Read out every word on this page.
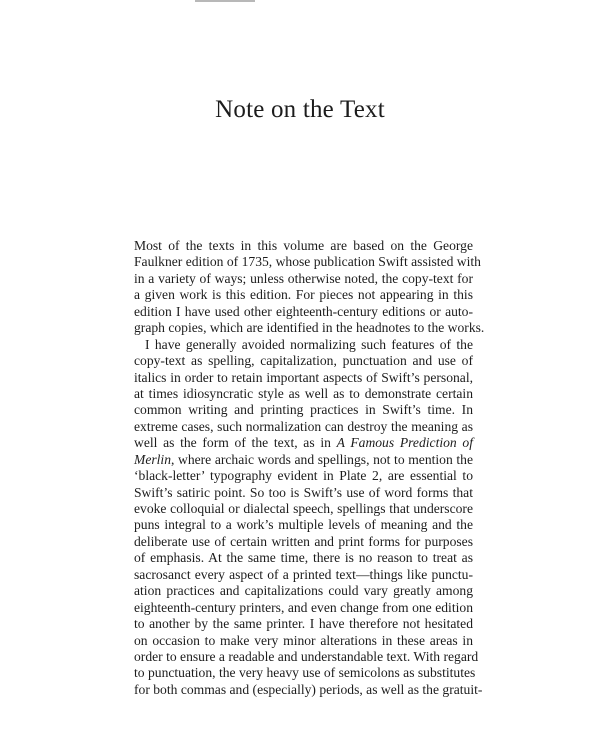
Note on the Text
Most of the texts in this volume are based on the George
Faulkner edition of 1735, whose publication Swift assisted with
in a variety of ways; unless otherwise noted, the copy-text for
a given work is this edition. For pieces not appearing in this
edition I have used other eighteenth-century editions or auto-
graph copies, which are identified in the headnotes to the works.
I have generally avoided normalizing such features of the
copy-text as spelling, capitalization, punctuation and use of
italics in order to retain important aspects of Swift’s personal,
at times idiosyncratic style as well as to demonstrate certain
common writing and printing practices in Swift’s time. In
extreme cases, such normalization can destroy the meaning as
well as the form of the text, as in A Famous Prediction of
Merlin, where archaic words and spellings, not to mention the
‘black-letter’ typography evident in Plate 2, are essential to
Swift’s satiric point. So too is Swift’s use of word forms that
evoke colloquial or dialectal speech, spellings that underscore
puns integral to a work’s multiple levels of meaning and the
deliberate use of certain written and print forms for purposes
of emphasis. At the same time, there is no reason to treat as
sacrosanct every aspect of a printed text—things like punctu-
ation practices and capitalizations could vary greatly among
eighteenth-century printers, and even change from one edition
to another by the same printer. I have therefore not hesitated
on occasion to make very minor alterations in these areas in
order to ensure a readable and understandable text. With regard
to punctuation, the very heavy use of semicolons as substitutes
for both commas and (especially) periods, as well as the gratuit-
